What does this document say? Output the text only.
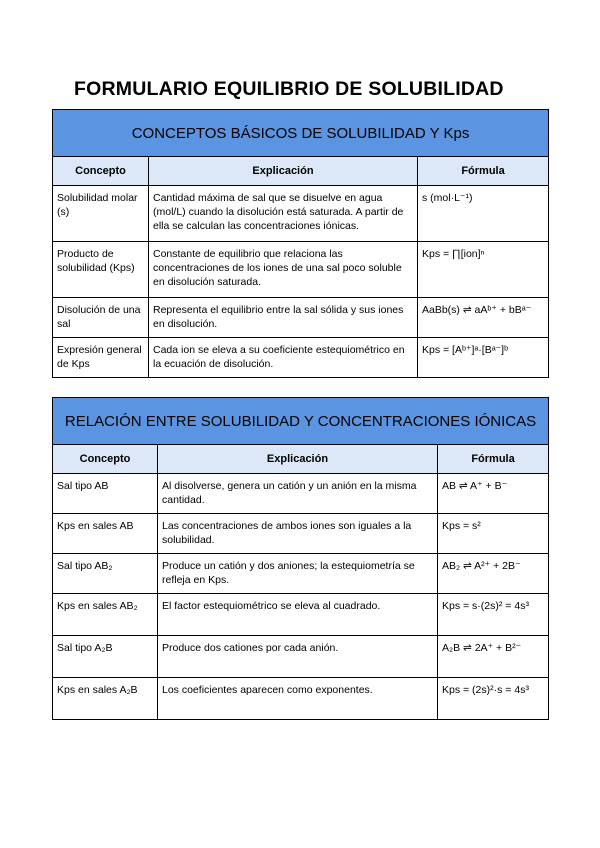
FORMULARIO EQUILIBRIO DE SOLUBILIDAD
CONCEPTOS BÁSICOS DE SOLUBILIDAD Y Kps		
Concepto	Explicación	Fórmula
Solubilidad molar (s)	Cantidad máxima de sal que se disuelve en agua (mol/L) cuando la disolución está saturada. A partir de ella se calculan las concentraciones iónicas.	s (mol·L⁻¹)
Producto de solubilidad (Kps)	Constante de equilibrio que relaciona las concentraciones de los iones de una sal poco soluble en disolución saturada.	Kps = ∏[ion]ⁿ
Disolución de una sal	Representa el equilibrio entre la sal sólida y sus iones en disolución.	AaBb(s) ⇌ aAᵇ⁺ + bBᵃ⁻
Expresión general de Kps	Cada ion se eleva a su coeficiente estequiométrico en la ecuación de disolución.	Kps = [Aᵇ⁺]ᵃ·[Bᵃ⁻]ᵇ
RELACIÓN ENTRE SOLUBILIDAD Y CONCENTRACIONES IÓNICAS		
Concepto	Explicación	Fórmula
Sal tipo AB	Al disolverse, genera un catión y un anión en la misma cantidad.	AB ⇌ A⁺ + B⁻
Kps en sales AB	Las concentraciones de ambos iones son iguales a la solubilidad.	Kps = s²
Sal tipo AB₂	Produce un catión y dos aniones; la estequiometría se refleja en Kps.	AB₂ ⇌ A²⁺ + 2B⁻
Kps en sales AB₂	El factor estequiométrico se eleva al cuadrado.	Kps = s·(2s)² = 4s³
Sal tipo A₂B	Produce dos cationes por cada anión.	A₂B ⇌ 2A⁺ + B²⁻
Kps en sales A₂B	Los coeficientes aparecen como exponentes.	Kps = (2s)²·s = 4s³
